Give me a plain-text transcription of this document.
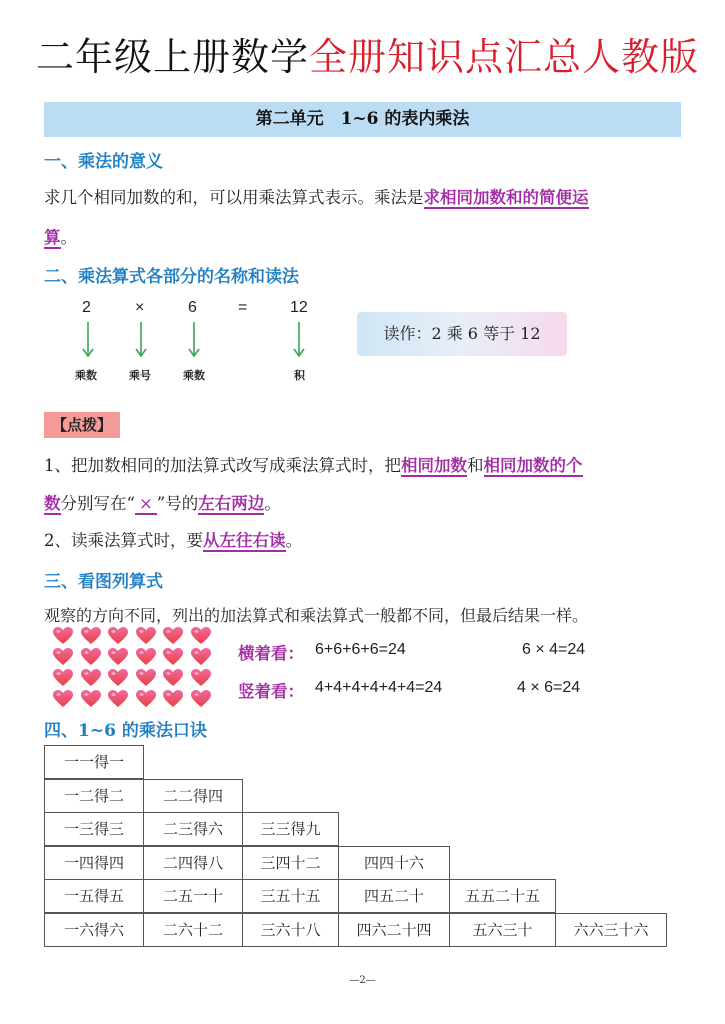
二年级上册数学全册知识点汇总人教版
第二单元　1~6 的表内乘法
一、乘法的意义
求几个相同加数的和，可以用乘法算式表示。乘法是求相同加数和的简便运
算。
二、乘法算式各部分的名称和读法
2	×	6	=	12
乘数	乘号	乘数	积
读作：2 乘 6 等于 12
【点拨】
1、把加数相同的加法算式改写成乘法算式时，把相同加数和相同加数的个
数分别写在“ × ”号的左右两边。
2、读乘法算式时，要从左往右读。
三、看图列算式
观察的方向不同，列出的加法算式和乘法算式一般都不同，但最后结果一样。
横着看： 6+6+6+6=24	6 × 4=24
竖着看： 4+4+4+4+4+4=24	4 × 6=24
四、1~6 的乘法口诀
一一得一
一二得二	二二得四
一三得三	二三得六	三三得九
一四得四	二四得八	三四十二	四四十六
一五得五	二五一十	三五十五	四五二十	五五二十五
一六得六	二六十二	三六十八	四六二十四	五六三十	六六三十六
—2—
